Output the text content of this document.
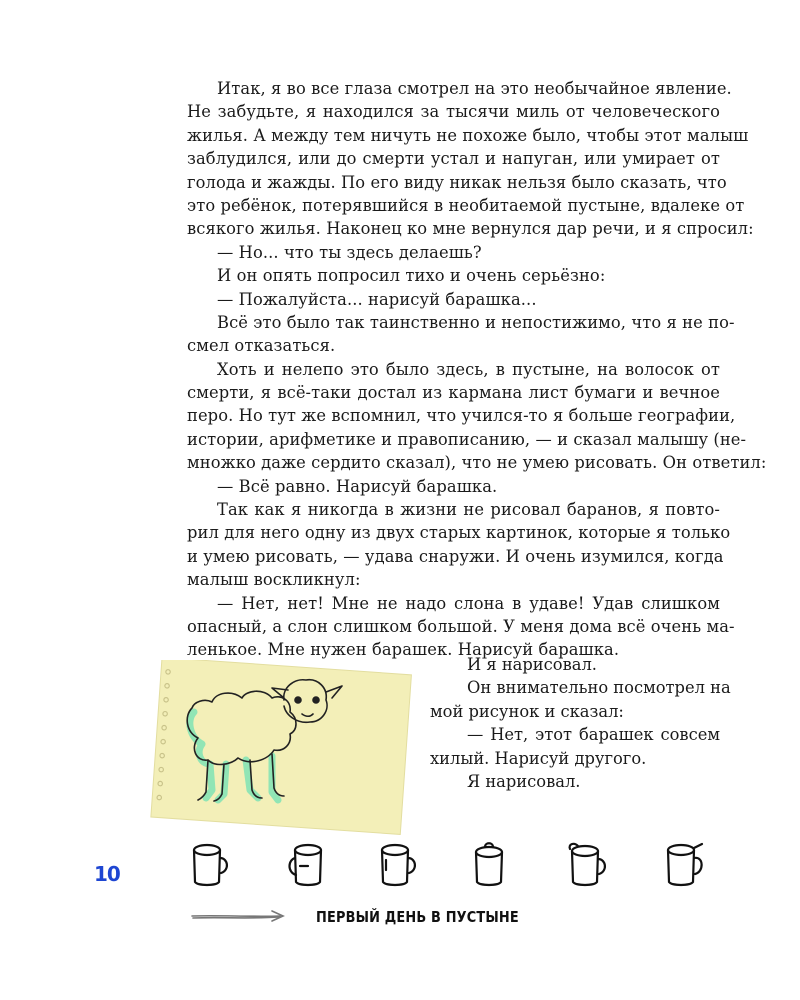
Итак, я во все глаза смотрел на это необычайное явление.
Не забудьте, я находился за тысячи миль от человеческого
жилья. А между тем ничуть не похоже было, чтобы этот малыш
заблудился, или до смерти устал и напуган, или умирает от
голода и жажды. По его виду никак нельзя было сказать, что
это ребёнок, потерявшийся в необитаемой пустыне, вдалеке от
всякого жилья. Наконец ко мне вернулся дар речи, и я спросил:
— Но... что ты здесь делаешь?
И он опять попросил тихо и очень серьёзно:
— Пожалуйста... нарисуй барашка...
Всё это было так таинственно и непостижимо, что я не по-
смел отказаться.
Хоть и нелепо это было здесь, в пустыне, на волосок от
смерти, я всё-таки достал из кармана лист бумаги и вечное
перо. Но тут же вспомнил, что учился-то я больше географии,
истории, арифметике и правописанию, — и сказал малышу (не-
множко даже сердито сказал), что не умею рисовать. Он ответил:
— Всё равно. Нарисуй барашка.
Так как я никогда в жизни не рисовал баранов, я повто-
рил для него одну из двух старых картинок, которые я только
и умею рисовать, — удава снаружи. И очень изумился, когда
малыш воскликнул:
— Нет, нет! Мне не надо слона в удаве! Удав слишком
опасный, а слон слишком большой. У меня дома всё очень ма-
ленькое. Мне нужен барашек. Нарисуй барашка.
И я нарисовал.
Он внимательно посмотрел на
мой рисунок и сказал:
— Нет, этот барашек совсем
хилый. Нарисуй другого.
Я нарисовал.
10
ПЕРВЫЙ ДЕНЬ В ПУСТЫНЕ
